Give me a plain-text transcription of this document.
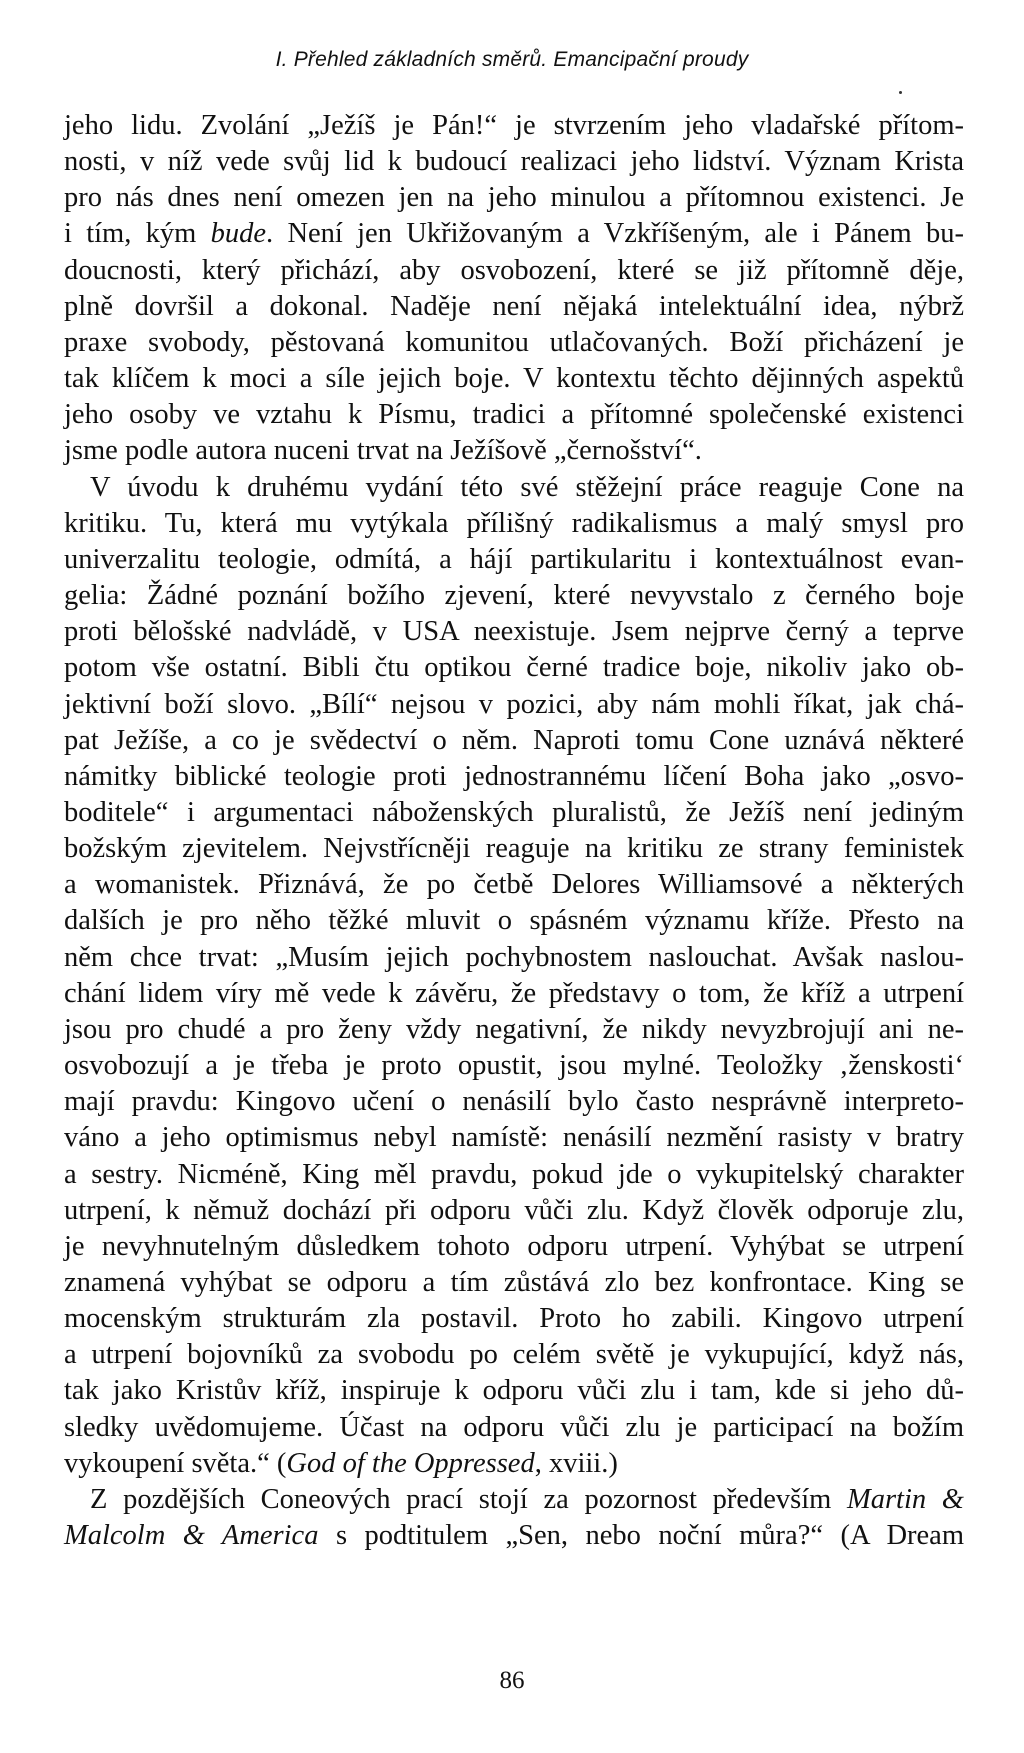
I. Přehled základních směrů. Emancipační proudy

jeho lidu. Zvolání „Ježíš je Pán!“ je stvrzením jeho vladařské přítom-
nosti, v níž vede svůj lid k budoucí realizaci jeho lidství. Význam Krista
pro nás dnes není omezen jen na jeho minulou a přítomnou existenci. Je
i tím, kým bude. Není jen Ukřižovaným a Vzkříšeným, ale i Pánem bu-
doucnosti, který přichází, aby osvobození, které se již přítomně děje,
plně dovršil a dokonal. Naděje není nějaká intelektuální idea, nýbrž
praxe svobody, pěstovaná komunitou utlačovaných. Boží přicházení je
tak klíčem k moci a síle jejich boje. V kontextu těchto dějinných aspektů
jeho osoby ve vztahu k Písmu, tradici a přítomné společenské existenci
jsme podle autora nuceni trvat na Ježíšově „černošství“.

V úvodu k druhému vydání této své stěžejní práce reaguje Cone na
kritiku. Tu, která mu vytýkala přílišný radikalismus a malý smysl pro
univerzalitu teologie, odmítá, a hájí partikularitu i kontextuálnost evan-
gelia: Žádné poznání božího zjevení, které nevyvstalo z černého boje
proti bělošské nadvládě, v USA neexistuje. Jsem nejprve černý a teprve
potom vše ostatní. Bibli čtu optikou černé tradice boje, nikoliv jako ob-
jektivní boží slovo. „Bílí“ nejsou v pozici, aby nám mohli říkat, jak chá-
pat Ježíše, a co je svědectví o něm. Naproti tomu Cone uznává některé
námitky biblické teologie proti jednostrannému líčení Boha jako „osvo-
boditele“ i argumentaci náboženských pluralistů, že Ježíš není jediným
božským zjevitelem. Nejvstřícněji reaguje na kritiku ze strany feministek
a womanistek. Přiznává, že po četbě Delores Williamsové a některých
dalších je pro něho těžké mluvit o spásném významu kříže. Přesto na
něm chce trvat: „Musím jejich pochybnostem naslouchat. Avšak naslou-
chání lidem víry mě vede k závěru, že představy o tom, že kříž a utrpení
jsou pro chudé a pro ženy vždy negativní, že nikdy nevyzbrojují ani ne-
osvobozují a je třeba je proto opustit, jsou mylné. Teoložky ‚ženskosti‘
mají pravdu: Kingovo učení o nenásilí bylo často nesprávně interpreto-
váno a jeho optimismus nebyl namístě: nenásilí nezmění rasisty v bratry
a sestry. Nicméně, King měl pravdu, pokud jde o vykupitelský charakter
utrpení, k němuž dochází při odporu vůči zlu. Když člověk odporuje zlu,
je nevyhnutelným důsledkem tohoto odporu utrpení. Vyhýbat se utrpení
znamená vyhýbat se odporu a tím zůstává zlo bez konfrontace. King se
mocenským strukturám zla postavil. Proto ho zabili. Kingovo utrpení
a utrpení bojovníků za svobodu po celém světě je vykupující, když nás,
tak jako Kristův kříž, inspiruje k odporu vůči zlu i tam, kde si jeho dů-
sledky uvědomujeme. Účast na odporu vůči zlu je participací na božím
vykoupení světa.“ (God of the Oppressed, xviii.)

Z pozdějších Coneových prací stojí za pozornost především Martin &
Malcolm & America s podtitulem „Sen, nebo noční můra?“ (A Dream

86
